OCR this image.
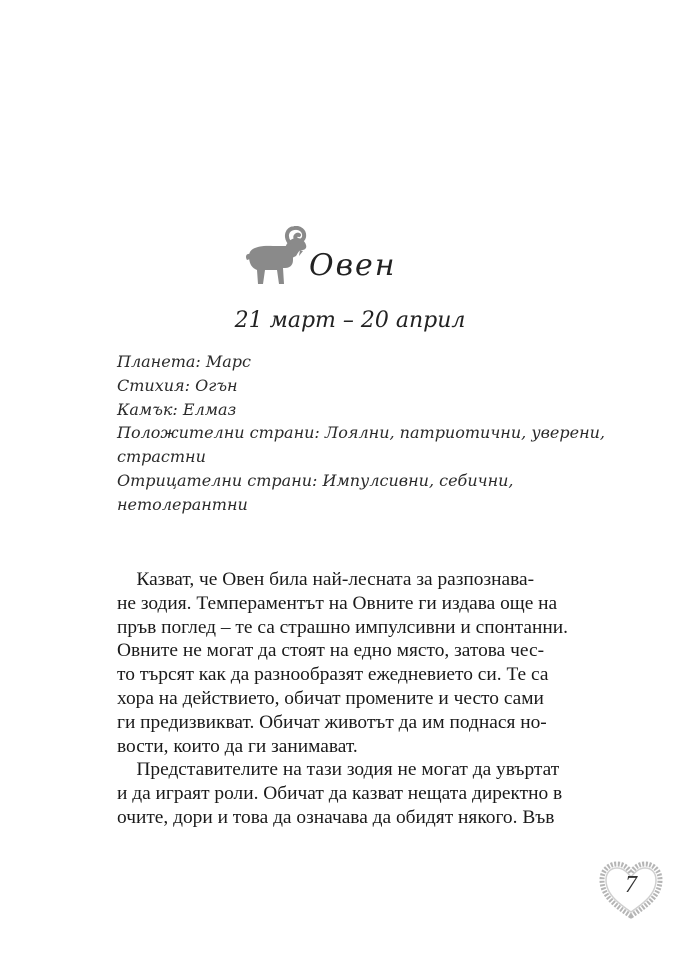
Овен
21 март – 20 април
Планета: Марс
Стихия: Огън
Камък: Елмаз
Положителни страни: Лоялни, патриотични, уверени,
страстни
Отрицателни страни: Импулсивни, себични,
нетолерантни
 Казват, че Овен била най-лесната за разпознава-
не зодия. Темпераментът на Овните ги издава още на
пръв поглед – те са страшно импулсивни и спонтанни.
Овните не могат да стоят на едно място, затова чес-
то търсят как да разнообразят ежедневието си. Те са
хора на действието, обичат промените и често сами
ги предизвикват. Обичат животът да им поднася но-
вости, които да ги занимават.
 Представителите на тази зодия не могат да увъртат
и да играят роли. Обичат да казват нещата директно в
очите, дори и това да означава да обидят някого. Във
7
